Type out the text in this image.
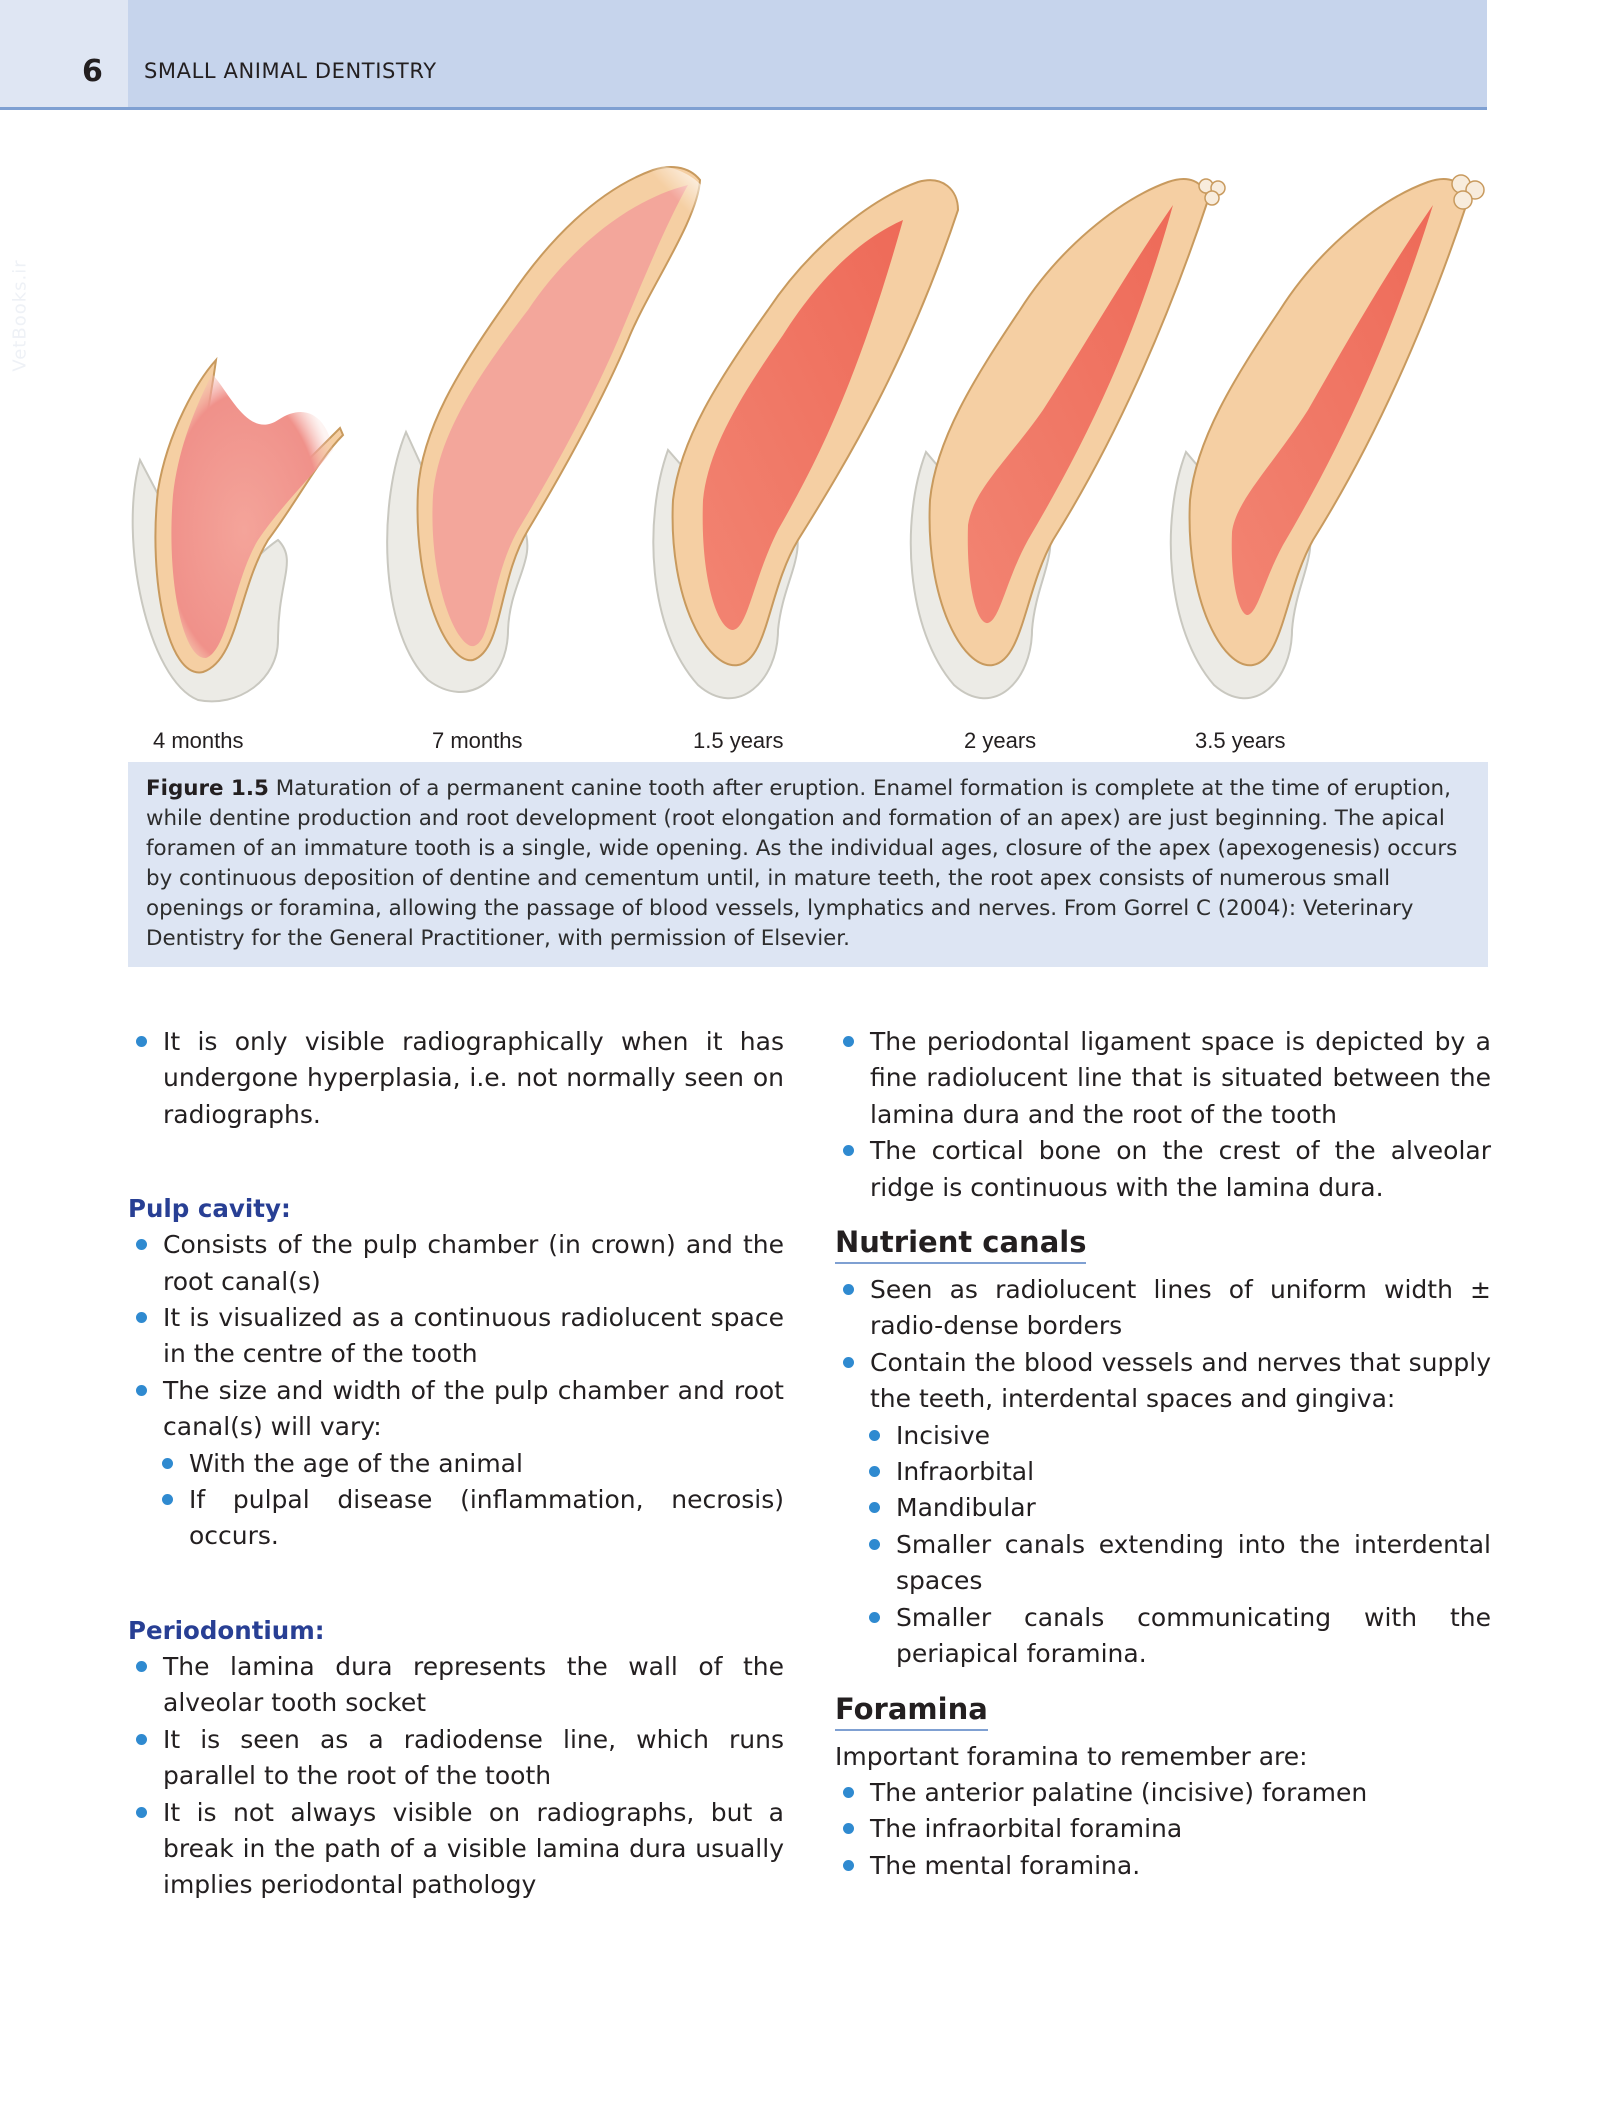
6 SMALL ANIMAL DENTISTRY
VetBooks.ir
4 months	7 months	1.5 years	2 years	3.5 years
Figure 1.5 Maturation of a permanent canine tooth after eruption. Enamel formation is complete at the time of eruption, while dentine production and root development (root elongation and formation of an apex) are just beginning. The apical foramen of an immature tooth is a single, wide opening. As the individual ages, closure of the apex (apexogenesis) occurs by continuous deposition of dentine and cementum until, in mature teeth, the root apex consists of numerous small openings or foramina, allowing the passage of blood vessels, lymphatics and nerves. From Gorrel C (2004): Veterinary Dentistry for the General Practitioner, with permission of Elsevier.
It is only visible radiographically when it has undergone hyperplasia, i.e. not normally seen on radiographs.
Pulp cavity:
Consists of the pulp chamber (in crown) and the root canal(s)
It is visualized as a continuous radiolucent space in the centre of the tooth
The size and width of the pulp chamber and root canal(s) will vary:
With the age of the animal
If pulpal disease (inflammation, necrosis) occurs.
Periodontium:
The lamina dura represents the wall of the alveolar tooth socket
It is seen as a radiodense line, which runs parallel to the root of the tooth
It is not always visible on radiographs, but a break in the path of a visible lamina dura usually implies periodontal pathology
The periodontal ligament space is depicted by a fine radiolucent line that is situated between the lamina dura and the root of the tooth
The cortical bone on the crest of the alveolar ridge is continuous with the lamina dura.
Nutrient canals
Seen as radiolucent lines of uniform width ± radio-dense borders
Contain the blood vessels and nerves that supply the teeth, interdental spaces and gingiva:
Incisive
Infraorbital
Mandibular
Smaller canals extending into the interdental spaces
Smaller canals communicating with the periapical foramina.
Foramina
Important foramina to remember are:
The anterior palatine (incisive) foramen
The infraorbital foramina
The mental foramina.
